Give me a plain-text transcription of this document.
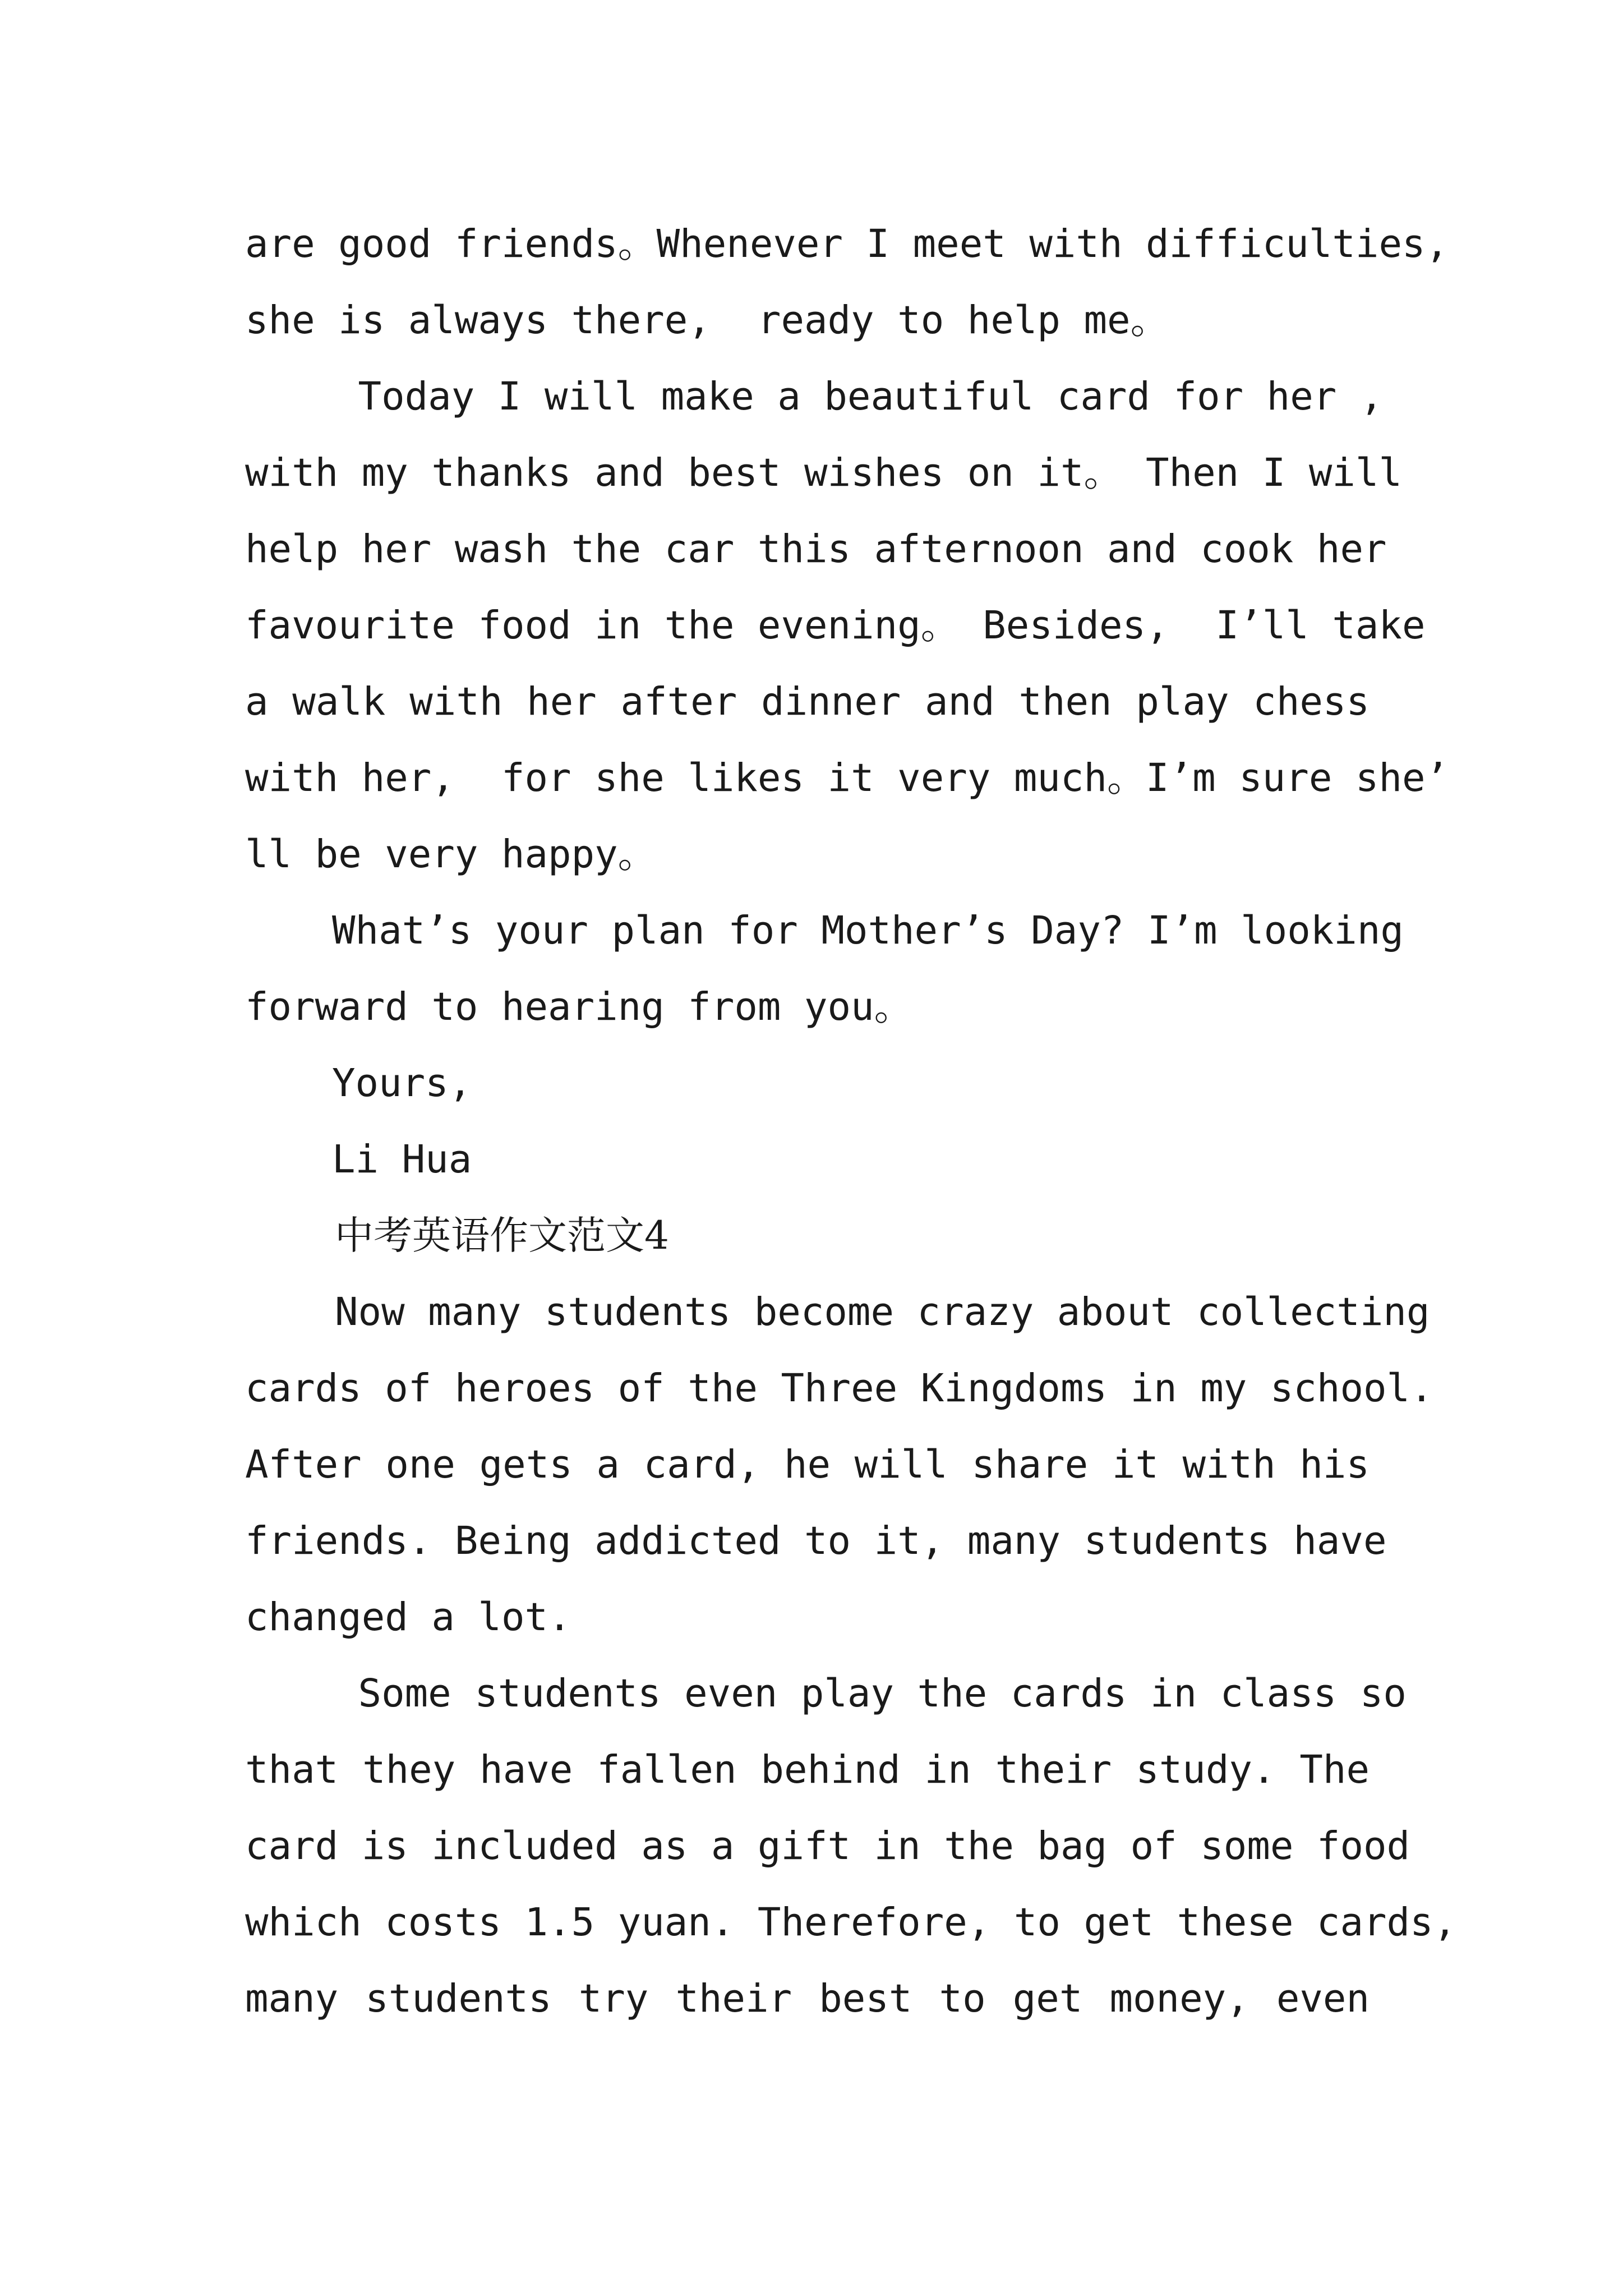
are good friends。Whenever I meet with difficulties,
she is always there,  ready to help me。
Today I will make a beautiful card for her ,
with my thanks and best wishes on it。 Then I will
help her wash the car this afternoon and cook her
favourite food in the evening。 Besides,  I’ll take
a walk with her after dinner and then play chess
with her,  for she likes it very much。I’m sure she’
ll be very happy。
What’s your plan for Mother’s Day? I’m looking
forward to hearing from you。
Yours,
Li Hua
中考英语作文范文4
Now many students become crazy about collecting
cards of heroes of the Three Kingdoms in my school.
After one gets a card, he will share it with his
friends. Being addicted to it, many students have
changed a lot.
Some students even play the cards in class so
that they have fallen behind in their study. The
card is included as a gift in the bag of some food
which costs 1.5 yuan. Therefore, to get these cards,
many students try their best to get money, even
